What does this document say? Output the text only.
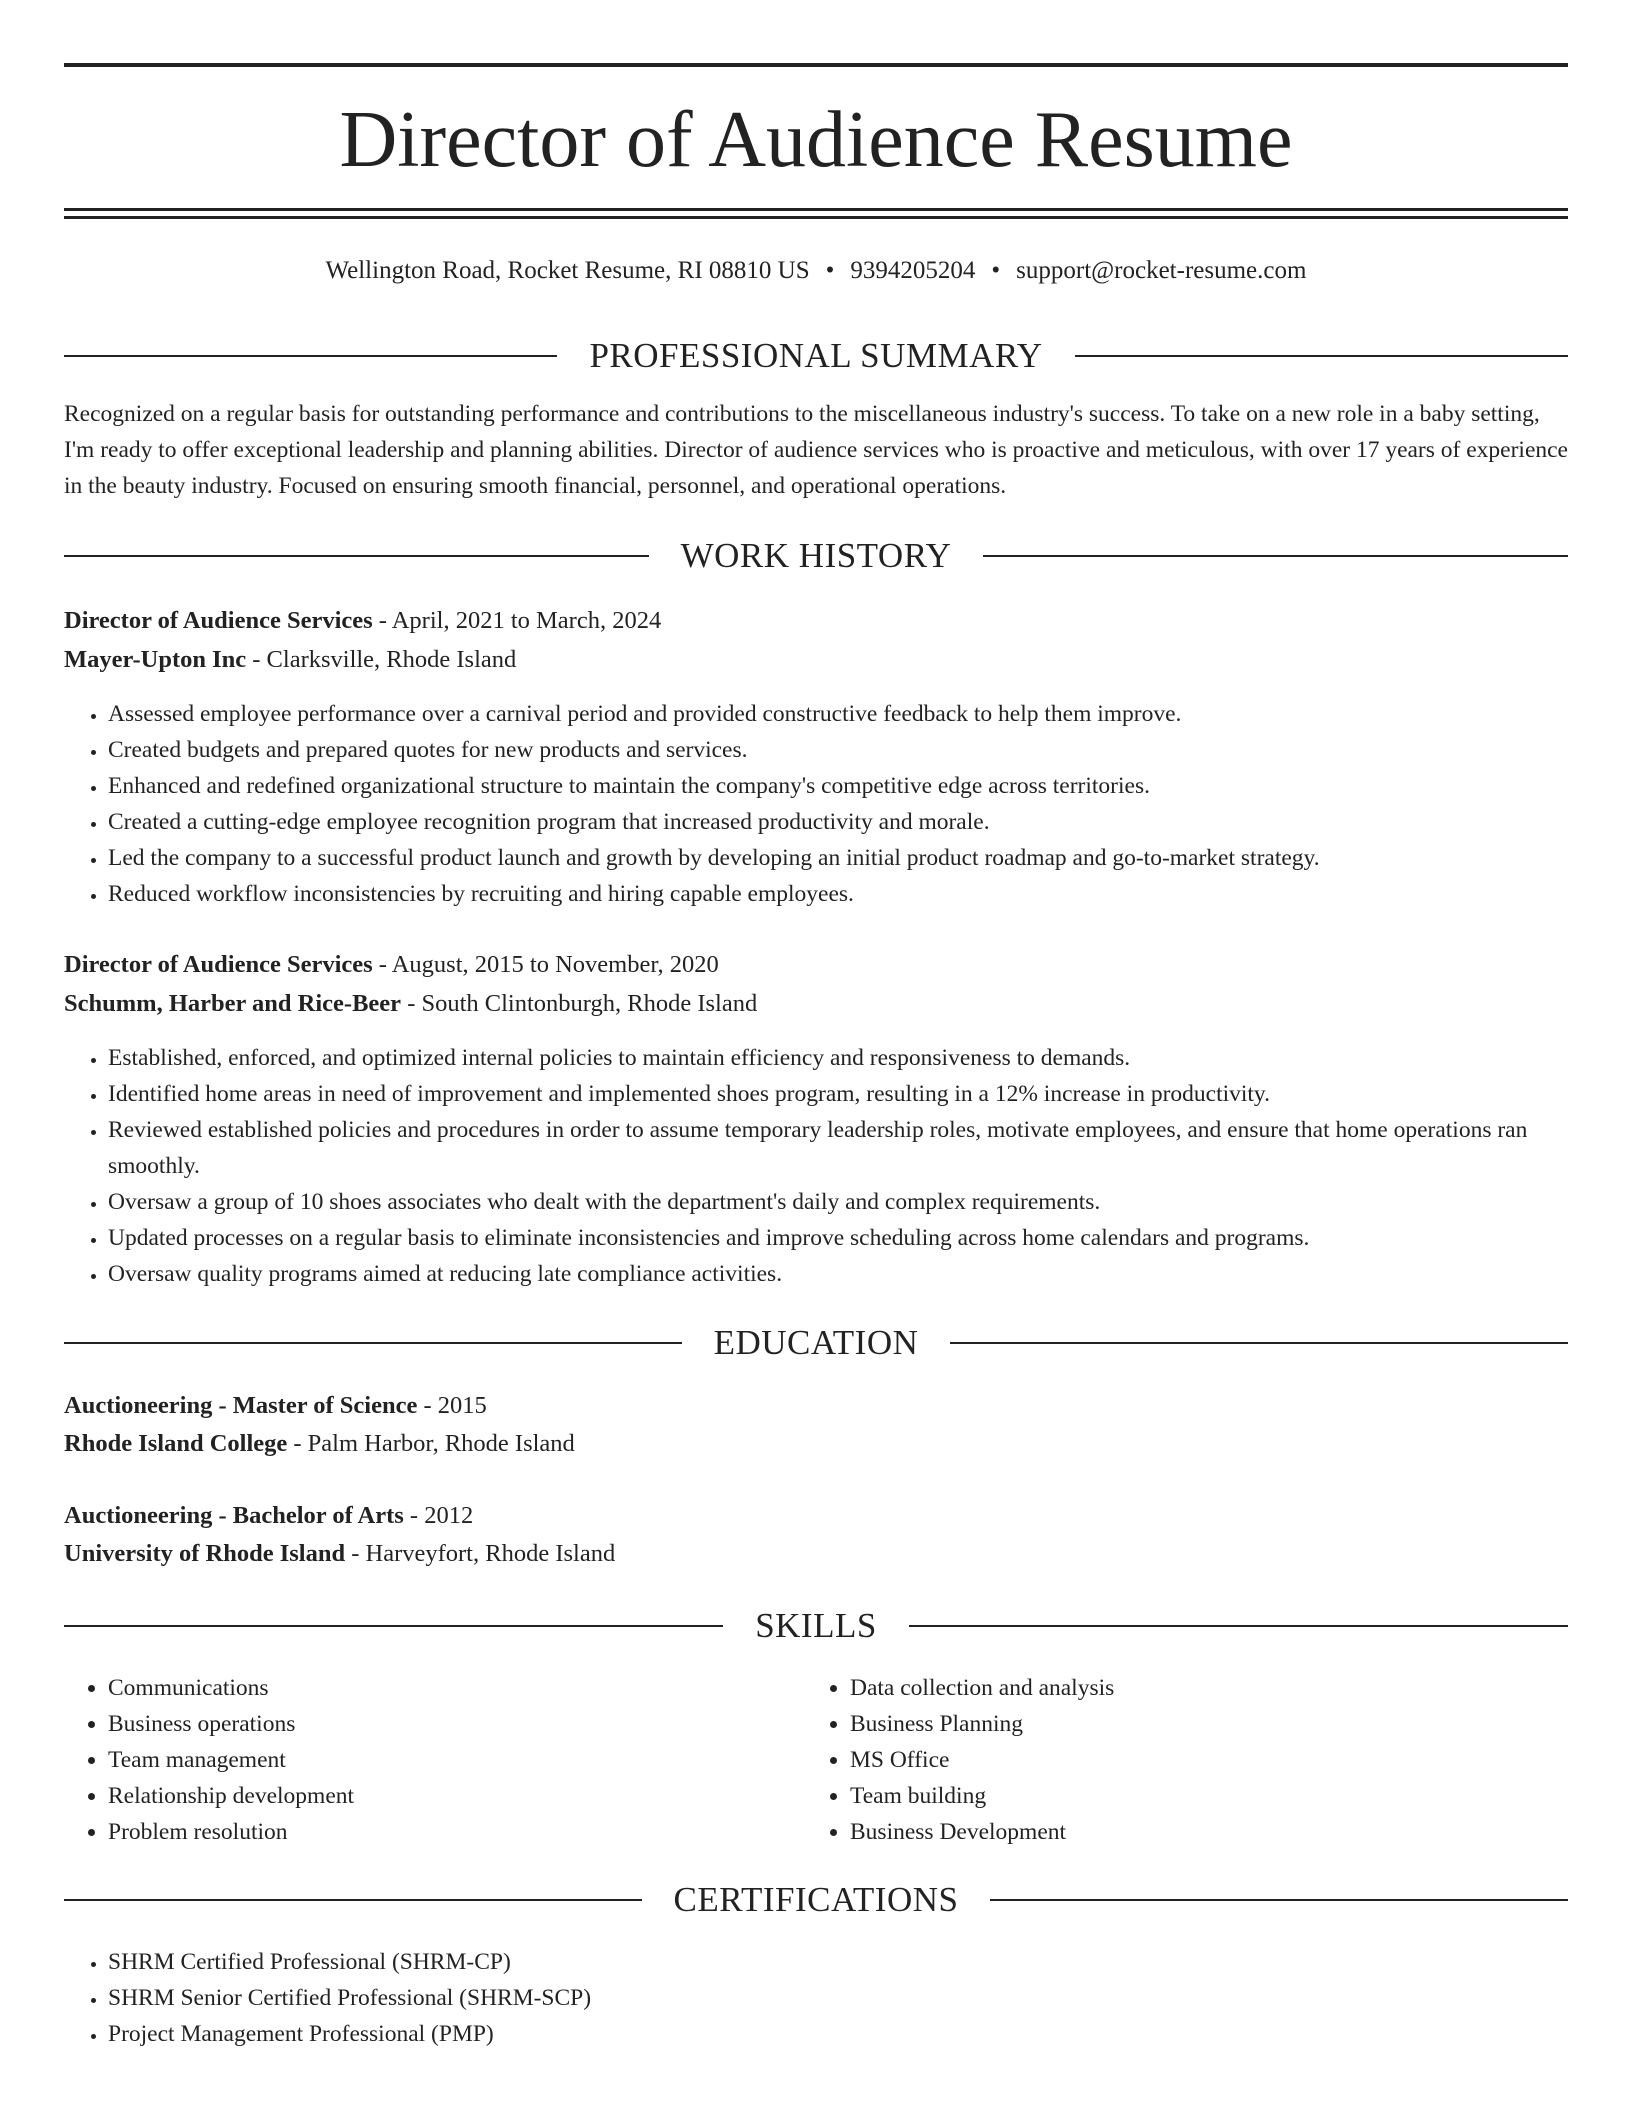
Director of Audience Resume
Wellington Road, Rocket Resume, RI 08810 US • 9394205204 • support@rocket-resume.com
PROFESSIONAL SUMMARY

Recognized on a regular basis for outstanding performance and contributions to the miscellaneous industry's success. To take on a new role in a baby setting, I'm ready to offer exceptional leadership and planning abilities. Director of audience services who is proactive and meticulous, with over 17 years of experience in the beauty industry. Focused on ensuring smooth financial, personnel, and operational operations.

WORK HISTORY
Director of Audience Services - April, 2021 to March, 2024
Mayer-Upton Inc - Clarksville, Rhode Island
• Assessed employee performance over a carnival period and provided constructive feedback to help them improve.
• Created budgets and prepared quotes for new products and services.
• Enhanced and redefined organizational structure to maintain the company's competitive edge across territories.
• Created a cutting-edge employee recognition program that increased productivity and morale.
• Led the company to a successful product launch and growth by developing an initial product roadmap and go-to-market strategy.
• Reduced workflow inconsistencies by recruiting and hiring capable employees.
Director of Audience Services - August, 2015 to November, 2020
Schumm, Harber and Rice-Beer - South Clintonburgh, Rhode Island
• Established, enforced, and optimized internal policies to maintain efficiency and responsiveness to demands.
• Identified home areas in need of improvement and implemented shoes program, resulting in a 12% increase in productivity.
• Reviewed established policies and procedures in order to assume temporary leadership roles, motivate employees, and ensure that home operations ran smoothly.
• Oversaw a group of 10 shoes associates who dealt with the department's daily and complex requirements.
• Updated processes on a regular basis to eliminate inconsistencies and improve scheduling across home calendars and programs.
• Oversaw quality programs aimed at reducing late compliance activities.
EDUCATION
Auctioneering - Master of Science - 2015
Rhode Island College - Palm Harbor, Rhode Island
Auctioneering - Bachelor of Arts - 2012
University of Rhode Island - Harveyfort, Rhode Island
SKILLS
• Communications
• Business operations
• Team management
• Relationship development
• Problem resolution
• Data collection and analysis
• Business Planning
• MS Office
• Team building
• Business Development
CERTIFICATIONS
• SHRM Certified Professional (SHRM-CP)
• SHRM Senior Certified Professional (SHRM-SCP)
• Project Management Professional (PMP)
